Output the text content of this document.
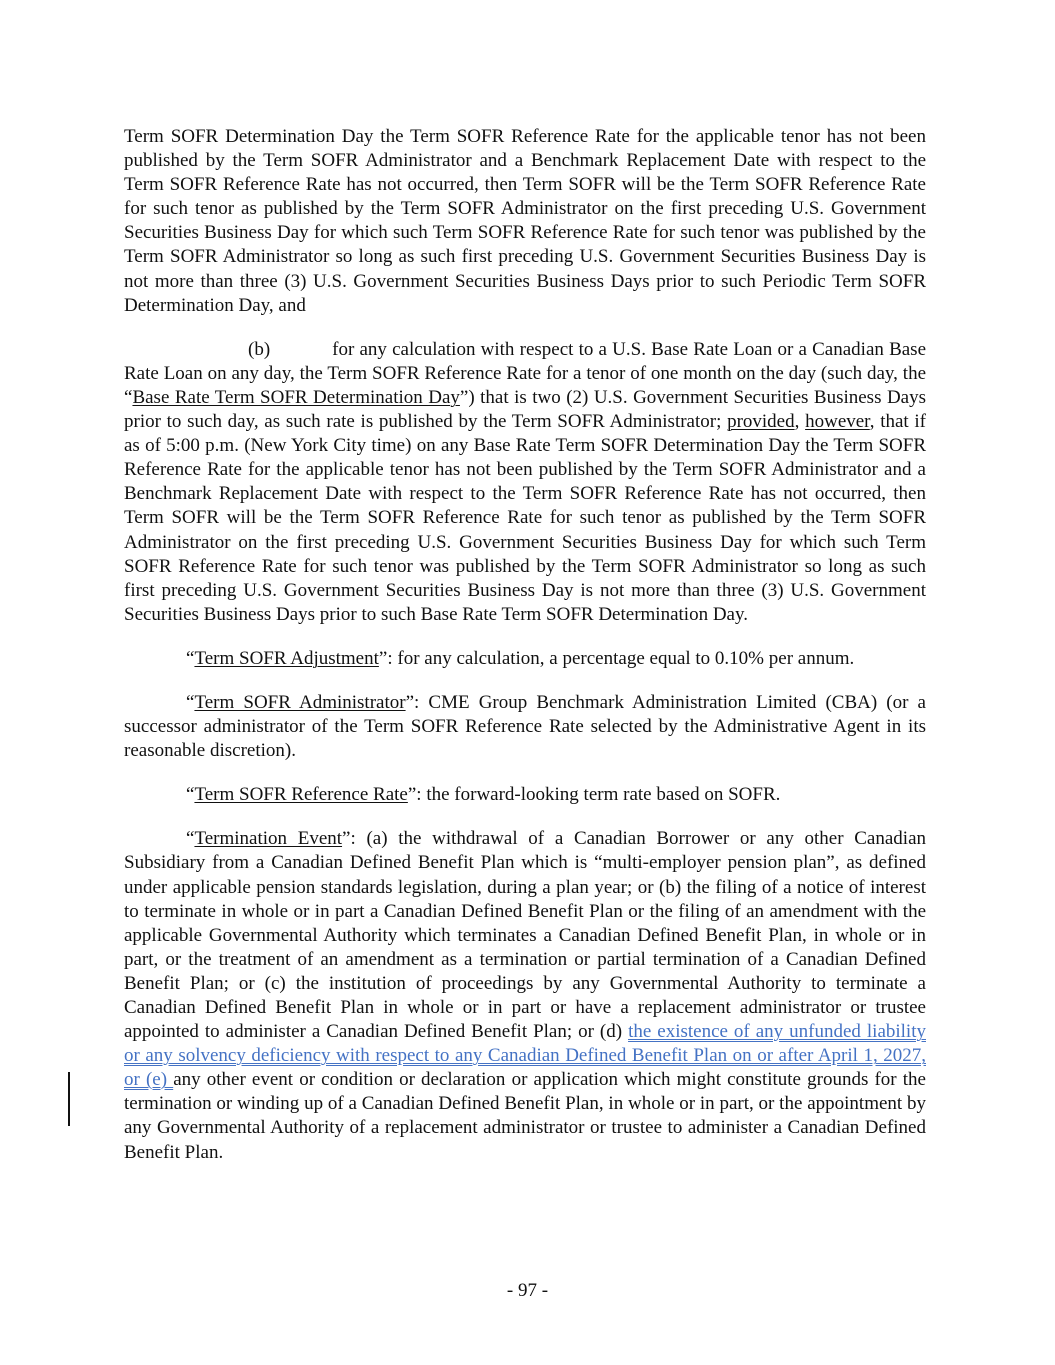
Term SOFR Determination Day the Term SOFR Reference Rate for the applicable tenor has not been published by the Term SOFR Administrator and a Benchmark Replacement Date with respect to the Term SOFR Reference Rate has not occurred, then Term SOFR will be the Term SOFR Reference Rate for such tenor as published by the Term SOFR Administrator on the first preceding U.S. Government Securities Business Day for which such Term SOFR Reference Rate for such tenor was published by the Term SOFR Administrator so long as such first preceding U.S. Government Securities Business Day is not more than three (3) U.S. Government Securities Business Days prior to such Periodic Term SOFR Determination Day, and

(b)	for any calculation with respect to a U.S. Base Rate Loan or a Canadian Base Rate Loan on any day, the Term SOFR Reference Rate for a tenor of one month on the day (such day, the “Base Rate Term SOFR Determination Day”) that is two (2) U.S. Government Securities Business Days prior to such day, as such rate is published by the Term SOFR Administrator; provided, however, that if as of 5:00 p.m. (New York City time) on any Base Rate Term SOFR Determination Day the Term SOFR Reference Rate for the applicable tenor has not been published by the Term SOFR Administrator and a Benchmark Replacement Date with respect to the Term SOFR Reference Rate has not occurred, then Term SOFR will be the Term SOFR Reference Rate for such tenor as published by the Term SOFR Administrator on the first preceding U.S. Government Securities Business Day for which such Term SOFR Reference Rate for such tenor was published by the Term SOFR Administrator so long as such first preceding U.S. Government Securities Business Day is not more than three (3) U.S. Government Securities Business Days prior to such Base Rate Term SOFR Determination Day.

“Term SOFR Adjustment”: for any calculation, a percentage equal to 0.10% per annum.

“Term SOFR Administrator”: CME Group Benchmark Administration Limited (CBA) (or a successor administrator of the Term SOFR Reference Rate selected by the Administrative Agent in its reasonable discretion).

“Term SOFR Reference Rate”: the forward-looking term rate based on SOFR.

“Termination Event”: (a) the withdrawal of a Canadian Borrower or any other Canadian Subsidiary from a Canadian Defined Benefit Plan which is “multi-employer pension plan”, as defined under applicable pension standards legislation, during a plan year; or (b) the filing of a notice of interest to terminate in whole or in part a Canadian Defined Benefit Plan or the filing of an amendment with the applicable Governmental Authority which terminates a Canadian Defined Benefit Plan, in whole or in part, or the treatment of an amendment as a termination or partial termination of a Canadian Defined Benefit Plan; or (c) the institution of proceedings by any Governmental Authority to terminate a Canadian Defined Benefit Plan in whole or in part or have a replacement administrator or trustee appointed to administer a Canadian Defined Benefit Plan; or (d) the existence of any unfunded liability or any solvency deficiency with respect to any Canadian Defined Benefit Plan on or after April 1, 2027, or (e) any other event or condition or declaration or application which might constitute grounds for the termination or winding up of a Canadian Defined Benefit Plan, in whole or in part, or the appointment by any Governmental Authority of a replacement administrator or trustee to administer a Canadian Defined Benefit Plan.

- 97 -
